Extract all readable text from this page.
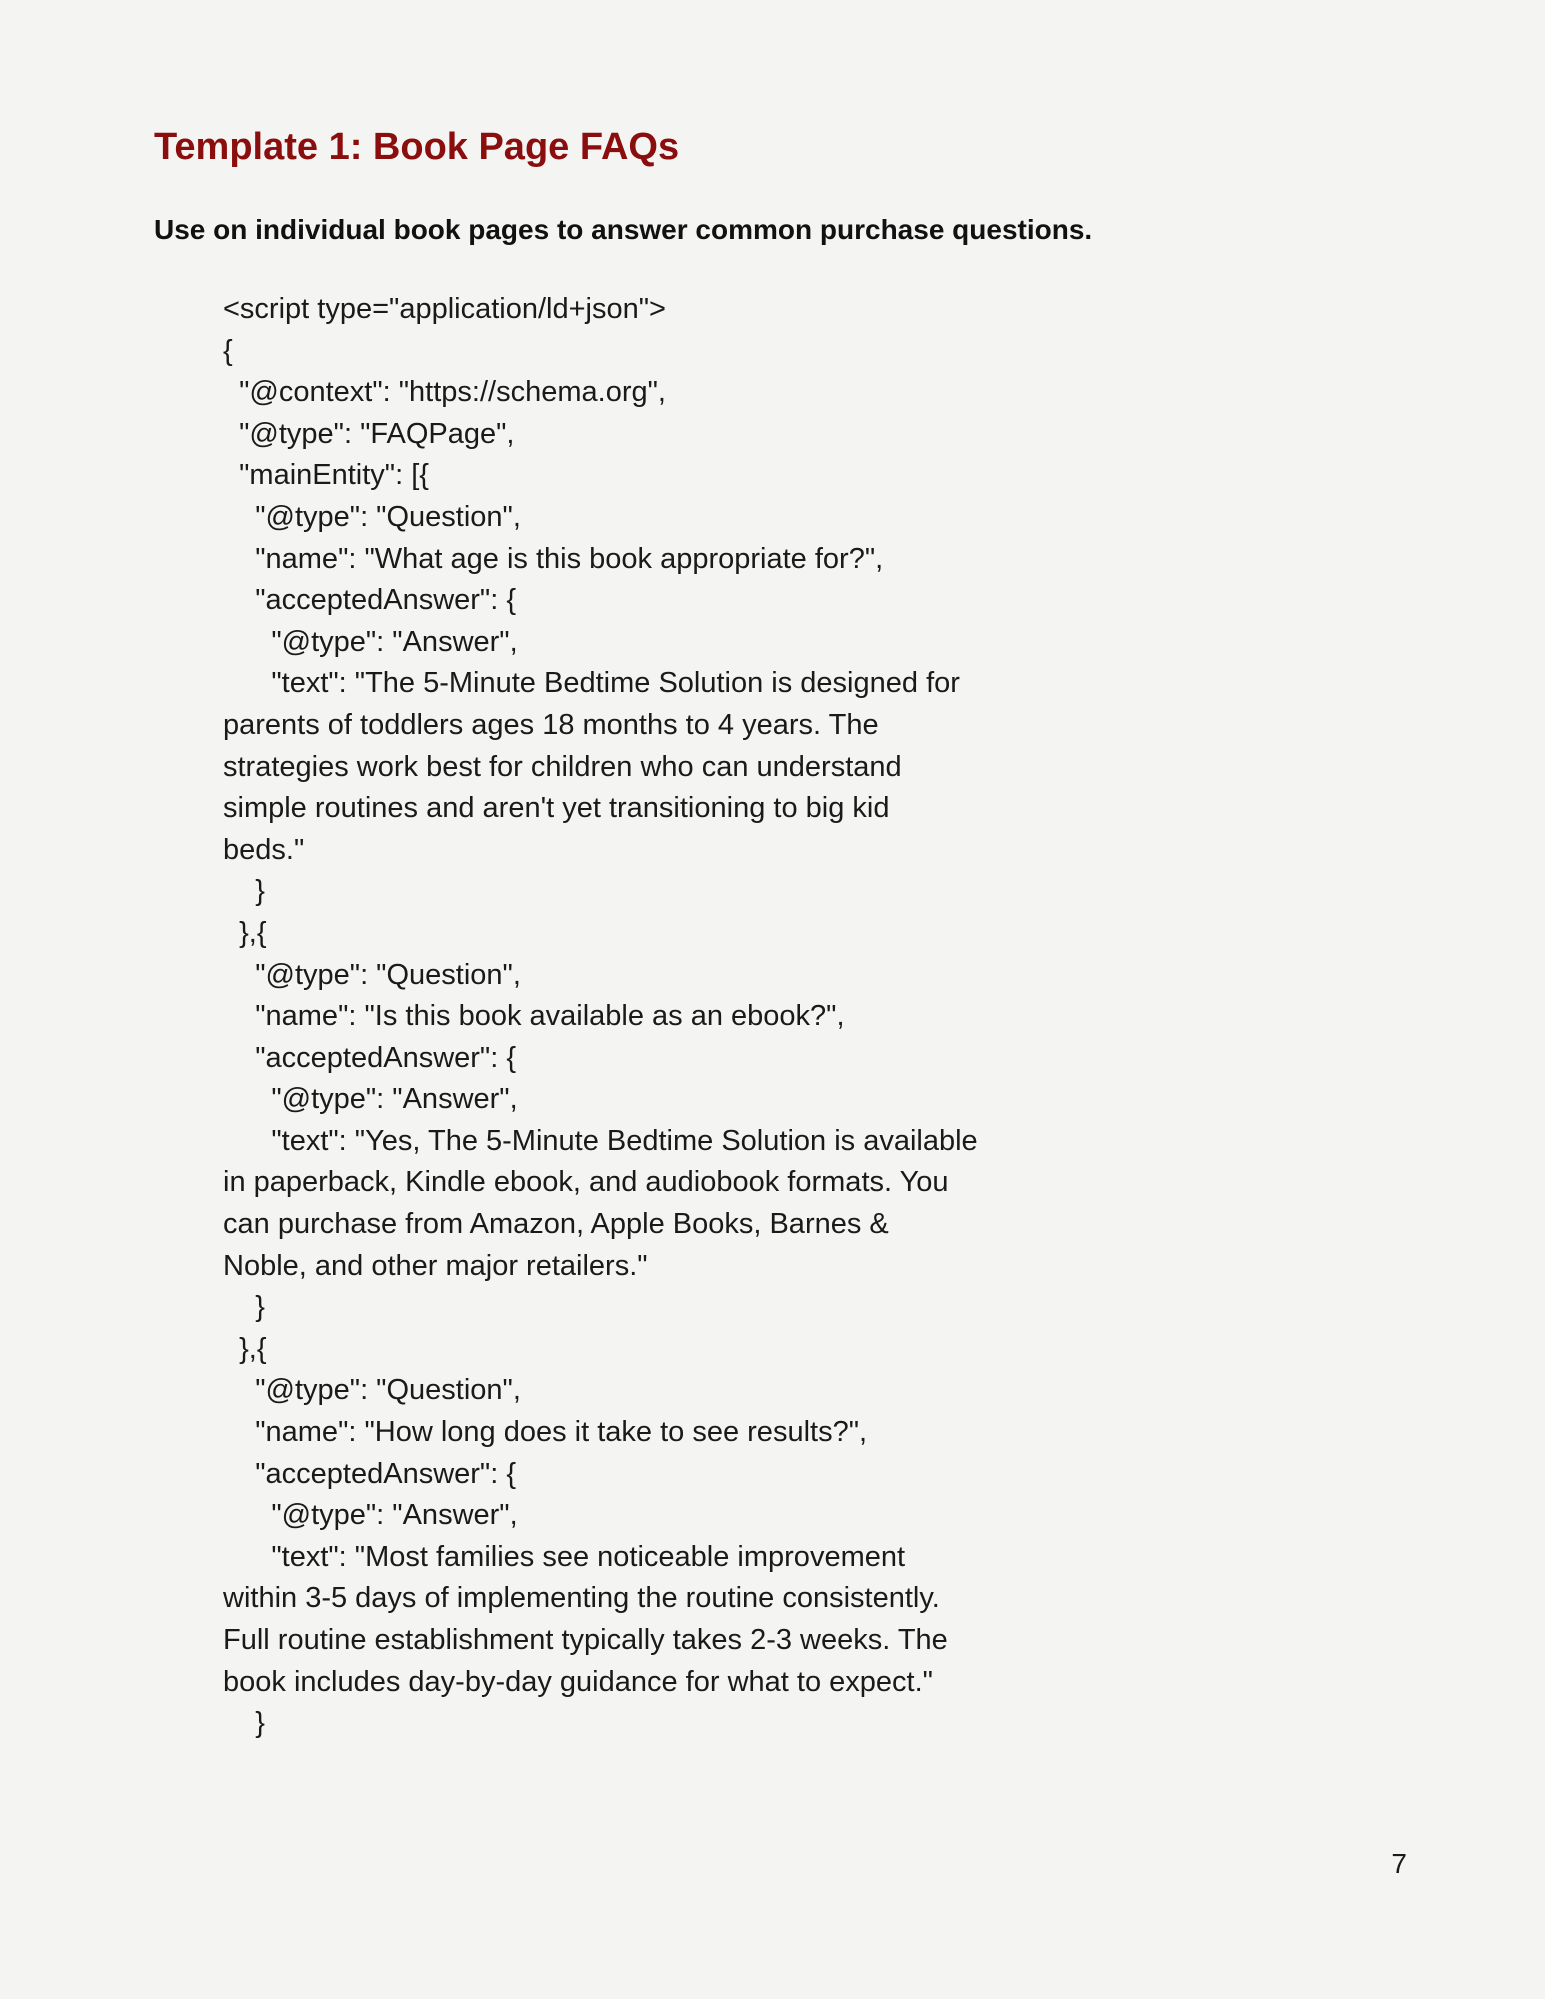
Template 1: Book Page FAQs

Use on individual book pages to answer common purchase questions.

<script type="application/ld+json">
{
"@context": "https://schema.org",
"@type": "FAQPage",
"mainEntity": [{
"@type": "Question",
"name": "What age is this book appropriate for?",
"acceptedAnswer": {
"@type": "Answer",
"text": "The 5-Minute Bedtime Solution is designed for
parents of toddlers ages 18 months to 4 years. The
strategies work best for children who can understand
simple routines and aren't yet transitioning to big kid
beds."
}
},{
"@type": "Question",
"name": "Is this book available as an ebook?",
"acceptedAnswer": {
"@type": "Answer",
"text": "Yes, The 5-Minute Bedtime Solution is available
in paperback, Kindle ebook, and audiobook formats. You
can purchase from Amazon, Apple Books, Barnes &
Noble, and other major retailers."
}
},{
"@type": "Question",
"name": "How long does it take to see results?",
"acceptedAnswer": {
"@type": "Answer",
"text": "Most families see noticeable improvement
within 3-5 days of implementing the routine consistently.
Full routine establishment typically takes 2-3 weeks. The
book includes day-by-day guidance for what to expect."
}
7
